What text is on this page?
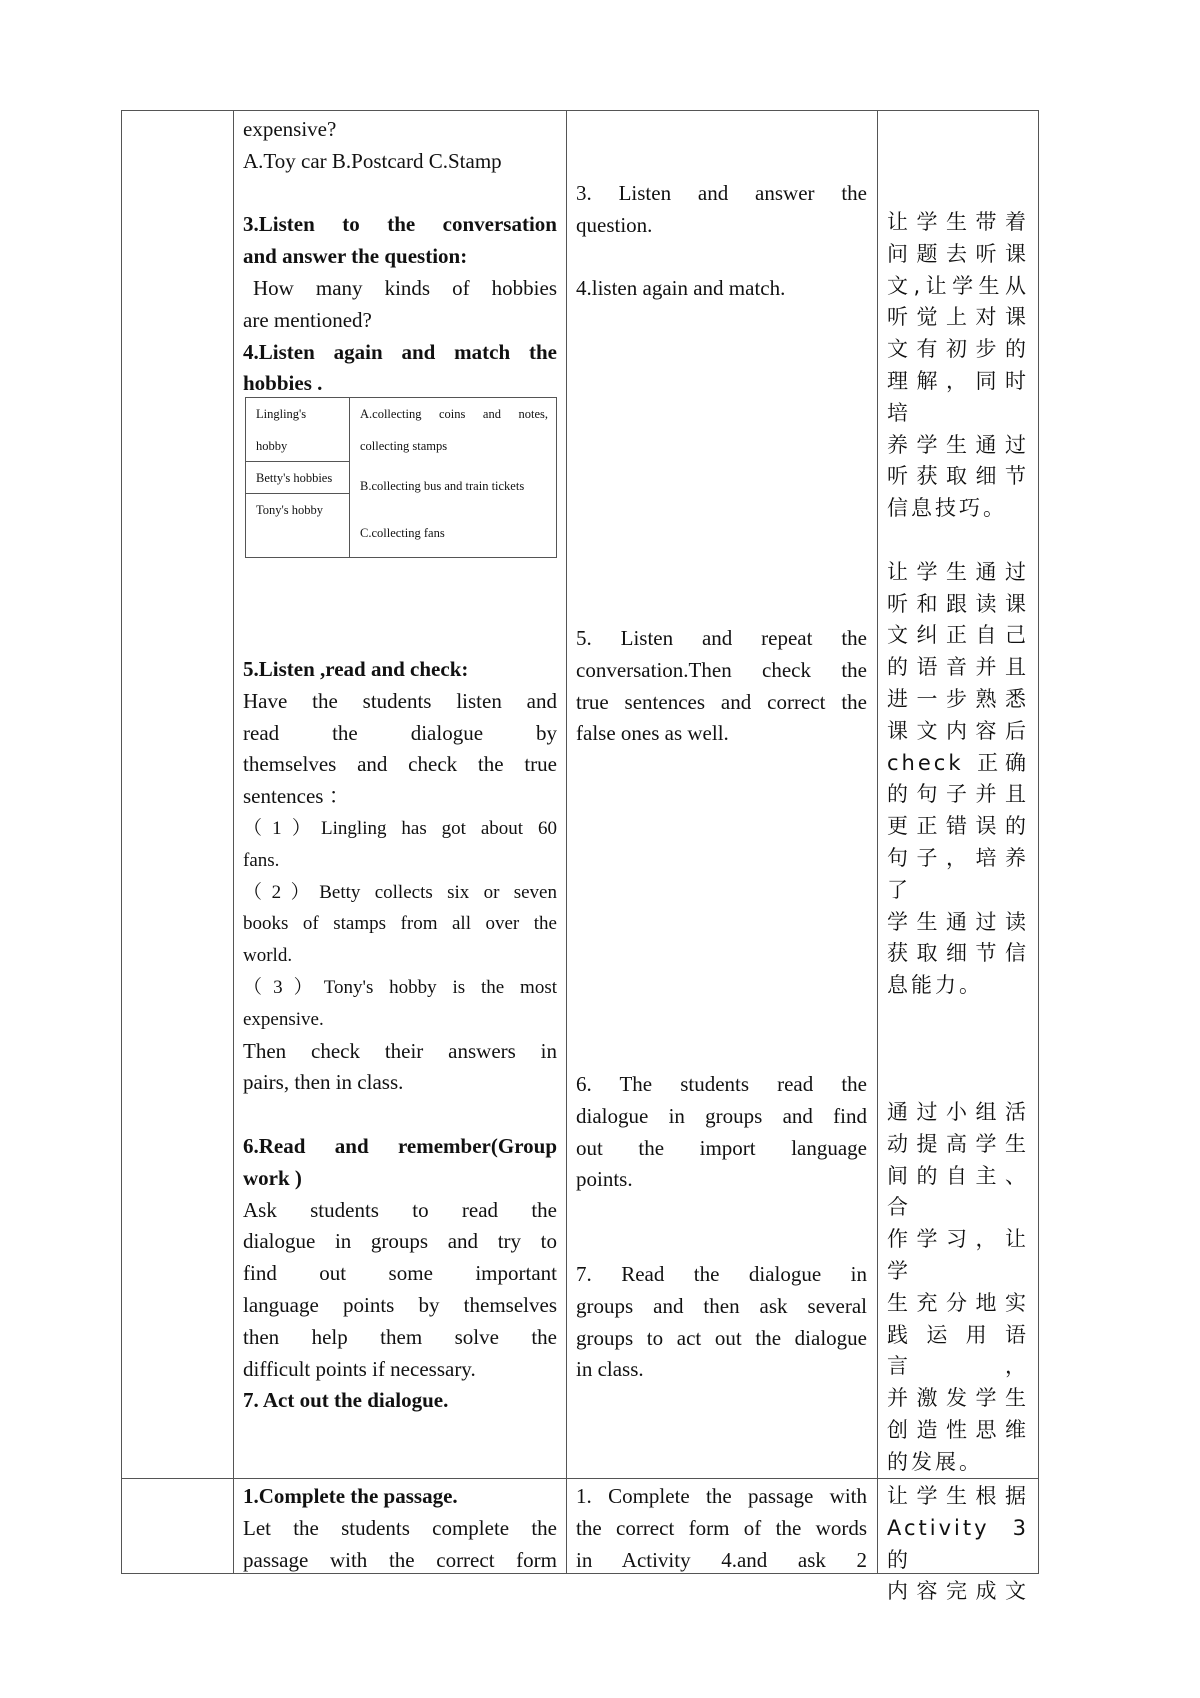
expensive?

A.Toy car B.Postcard C.Stamp

3.Listen to the conversation

and answer the question:

How many kinds of hobbies

are mentioned?

4.Listen again and match the

hobbies .

Lingling's
hobby
Betty's hobbies
Tony's hobby
A.collecting coins and notes,
collecting stamps
B.collecting bus and train tickets
C.collecting fans

5.Listen ,read and check:

Have the students listen and

read the dialogue by

themselves and check the true

sentences ：

（1）Lingling has got about 60

fans.

（2）Betty collects six or seven

books of stamps from all over the

world.

（3）Tony's hobby is the most

expensive.

Then check their answers in

pairs, then in class.

6.Read and remember(Group

work )

Ask students to read the

dialogue in groups and try to

find out some important

language points by themselves

then help them solve the

difficult points if necessary.

7. Act out the dialogue.

1.Complete the passage.

Let the students complete the

passage with the correct form

3. Listen and answer the

question.

4.listen again and match.

5. Listen and repeat the

conversation.Then check the

true sentences and correct the

false ones as well.

6. The students read the

dialogue in groups and find

out the import language

points.

7. Read the dialogue in

groups and then ask several

groups to act out the dialogue

in class.

1. Complete the passage with

the correct form of the words

in Activity 4.and ask 2

让学生带着

问题去听课

文,让学生从

听觉上对课

文有初步的

理解，同时培

养学生通过

听获取细节

信息技巧。

让学生通过

听和跟读课

文纠正自己

的语音并且

进一步熟悉

课文内容后

check 正确

的句子并且

更正错误的

句子，培养了

学生通过读

获取细节信

息能力。

通过小组活

动提高学生

间的自主、合

作学习，让学

生充分地实

践运用语言，

并激发学生

创造性思维

的发展。

让学生根据

Activity 3 的

内容完成文
